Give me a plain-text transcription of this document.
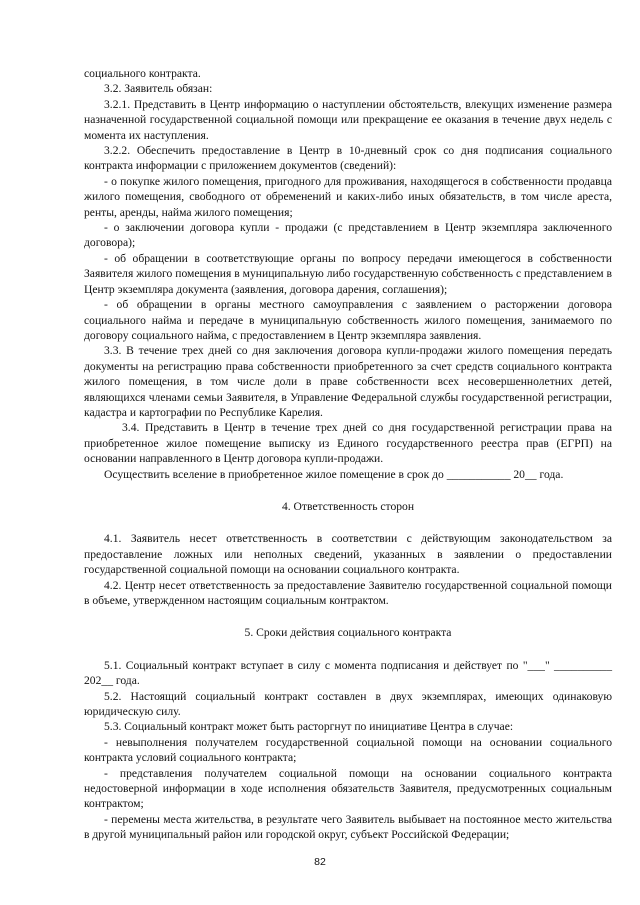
социального контракта.

3.2. Заявитель обязан:

3.2.1. Представить в Центр информацию о наступлении обстоятельств, влекущих изменение размера назначенной государственной социальной помощи или прекращение ее оказания в течение двух недель с момента их наступления.

3.2.2. Обеспечить предоставление в Центр в 10-дневный срок со дня подписания социального контракта информации с приложением документов (сведений):

- о покупке жилого помещения, пригодного для проживания, находящегося в собственности продавца жилого помещения, свободного от обременений и каких-либо иных обязательств, в том числе ареста, ренты, аренды, найма жилого помещения;

- о заключении договора купли - продажи (с представлением в Центр экземпляра заключенного договора);

- об обращении в соответствующие органы по вопросу передачи имеющегося в собственности Заявителя жилого помещения в муниципальную либо государственную собственность с представлением в Центр экземпляра документа (заявления, договора дарения, соглашения);

- об обращении в органы местного самоуправления с заявлением о расторжении договора социального найма и передаче в муниципальную собственность жилого помещения, занимаемого по договору социального найма, с предоставлением в Центр экземпляра заявления.

3.3. В течение трех дней со дня заключения договора купли-продажи жилого помещения передать документы на регистрацию права собственности приобретенного за счет средств социального контракта жилого помещения, в том числе доли в праве собственности всех несовершеннолетних детей, являющихся членами семьи Заявителя, в Управление Федеральной службы государственной регистрации, кадастра и картографии по Республике Карелия.

3.4. Представить в Центр в течение трех дней со дня государственной регистрации права на приобретенное жилое помещение выписку из Единого государственного реестра прав (ЕГРП) на основании направленного в Центр договора купли-продажи.

Осуществить вселение в приобретенное жилое помещение в срок до ___________ 20__ года.

4. Ответственность сторон

4.1. Заявитель несет ответственность в соответствии с действующим законодательством за предоставление ложных или неполных сведений, указанных в заявлении о предоставлении государственной социальной помощи на основании социального контракта.

4.2. Центр несет ответственность за предоставление Заявителю государственной социальной помощи в объеме, утвержденном настоящим социальным контрактом.

5. Сроки действия социального контракта

5.1. Социальный контракт вступает в силу с момента подписания и действует по "___" __________ 202__ года.

5.2. Настоящий социальный контракт составлен в двух экземплярах, имеющих одинаковую юридическую силу.

5.3. Социальный контракт может быть расторгнут по инициативе Центра в случае:

- невыполнения получателем государственной социальной помощи на основании социального контракта условий социального контракта;

- представления получателем социальной помощи на основании социального контракта недостоверной информации в ходе исполнения обязательств Заявителя, предусмотренных социальным контрактом;

- перемены места жительства, в результате чего Заявитель выбывает на постоянное место жительства в другой муниципальный район или городской округ, субъект Российской Федерации;

82
